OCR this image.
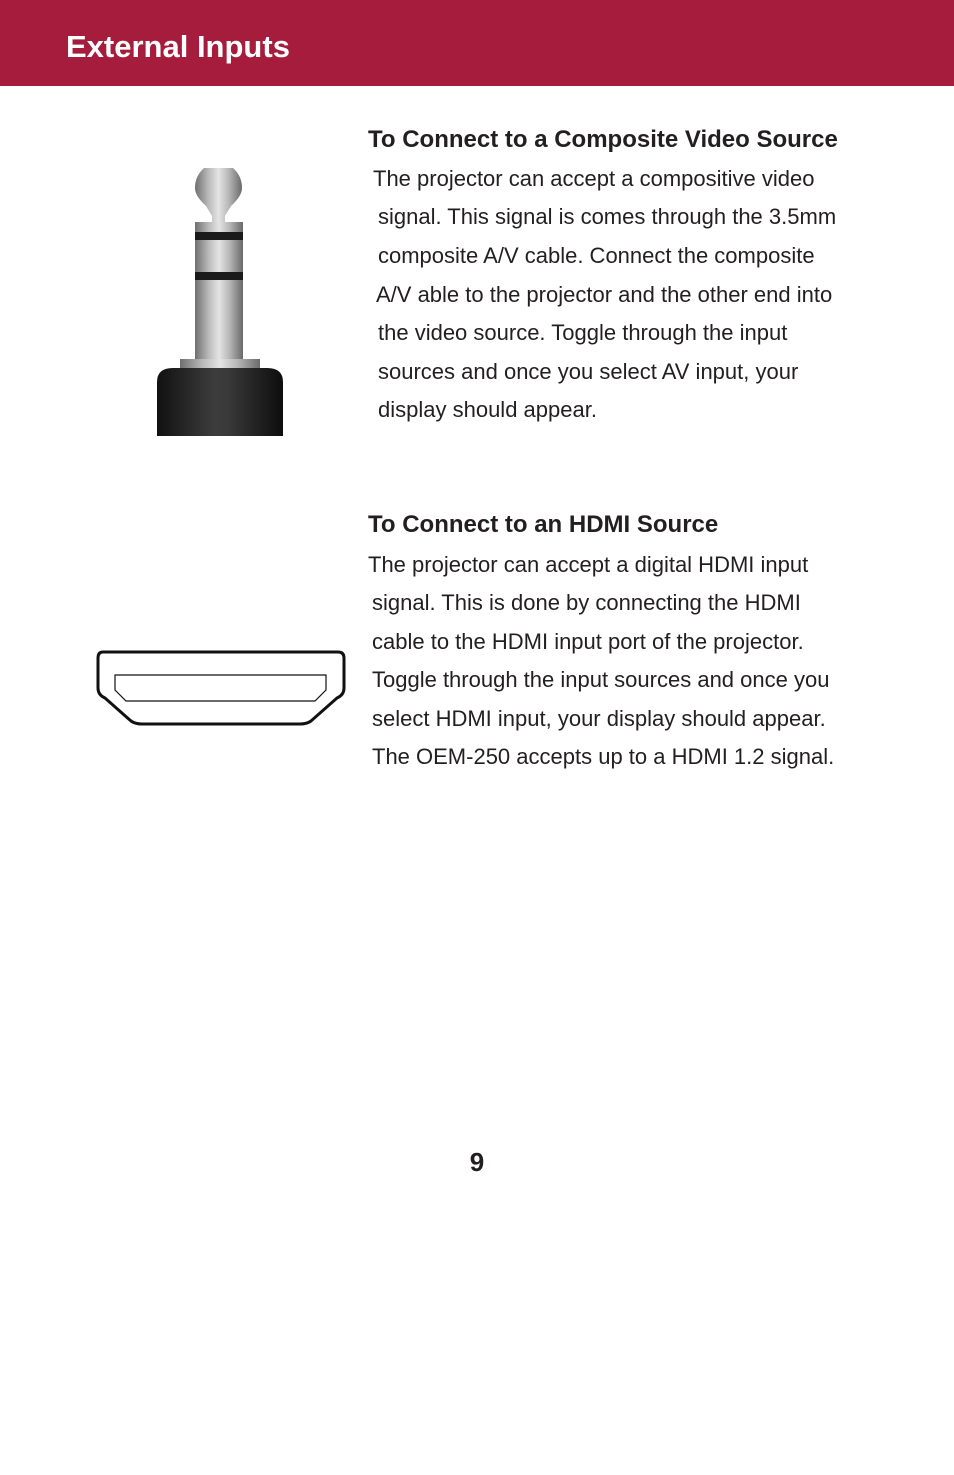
External Inputs
To Connect to a Composite Video Source
The projector can accept a compositive video
signal. This signal is comes through the 3.5mm
composite A/V cable. Connect the composite
A/V able to the projector and the other end into
the video source. Toggle through the input
sources and once you select AV input, your
display should appear.
To Connect to an HDMI Source
The projector can accept a digital HDMI input
signal. This is done by connecting the HDMI
cable to the HDMI input port of the projector.
Toggle through the input sources and once you
select HDMI input, your display should appear.
The OEM-250 accepts up to a HDMI 1.2 signal.
9
